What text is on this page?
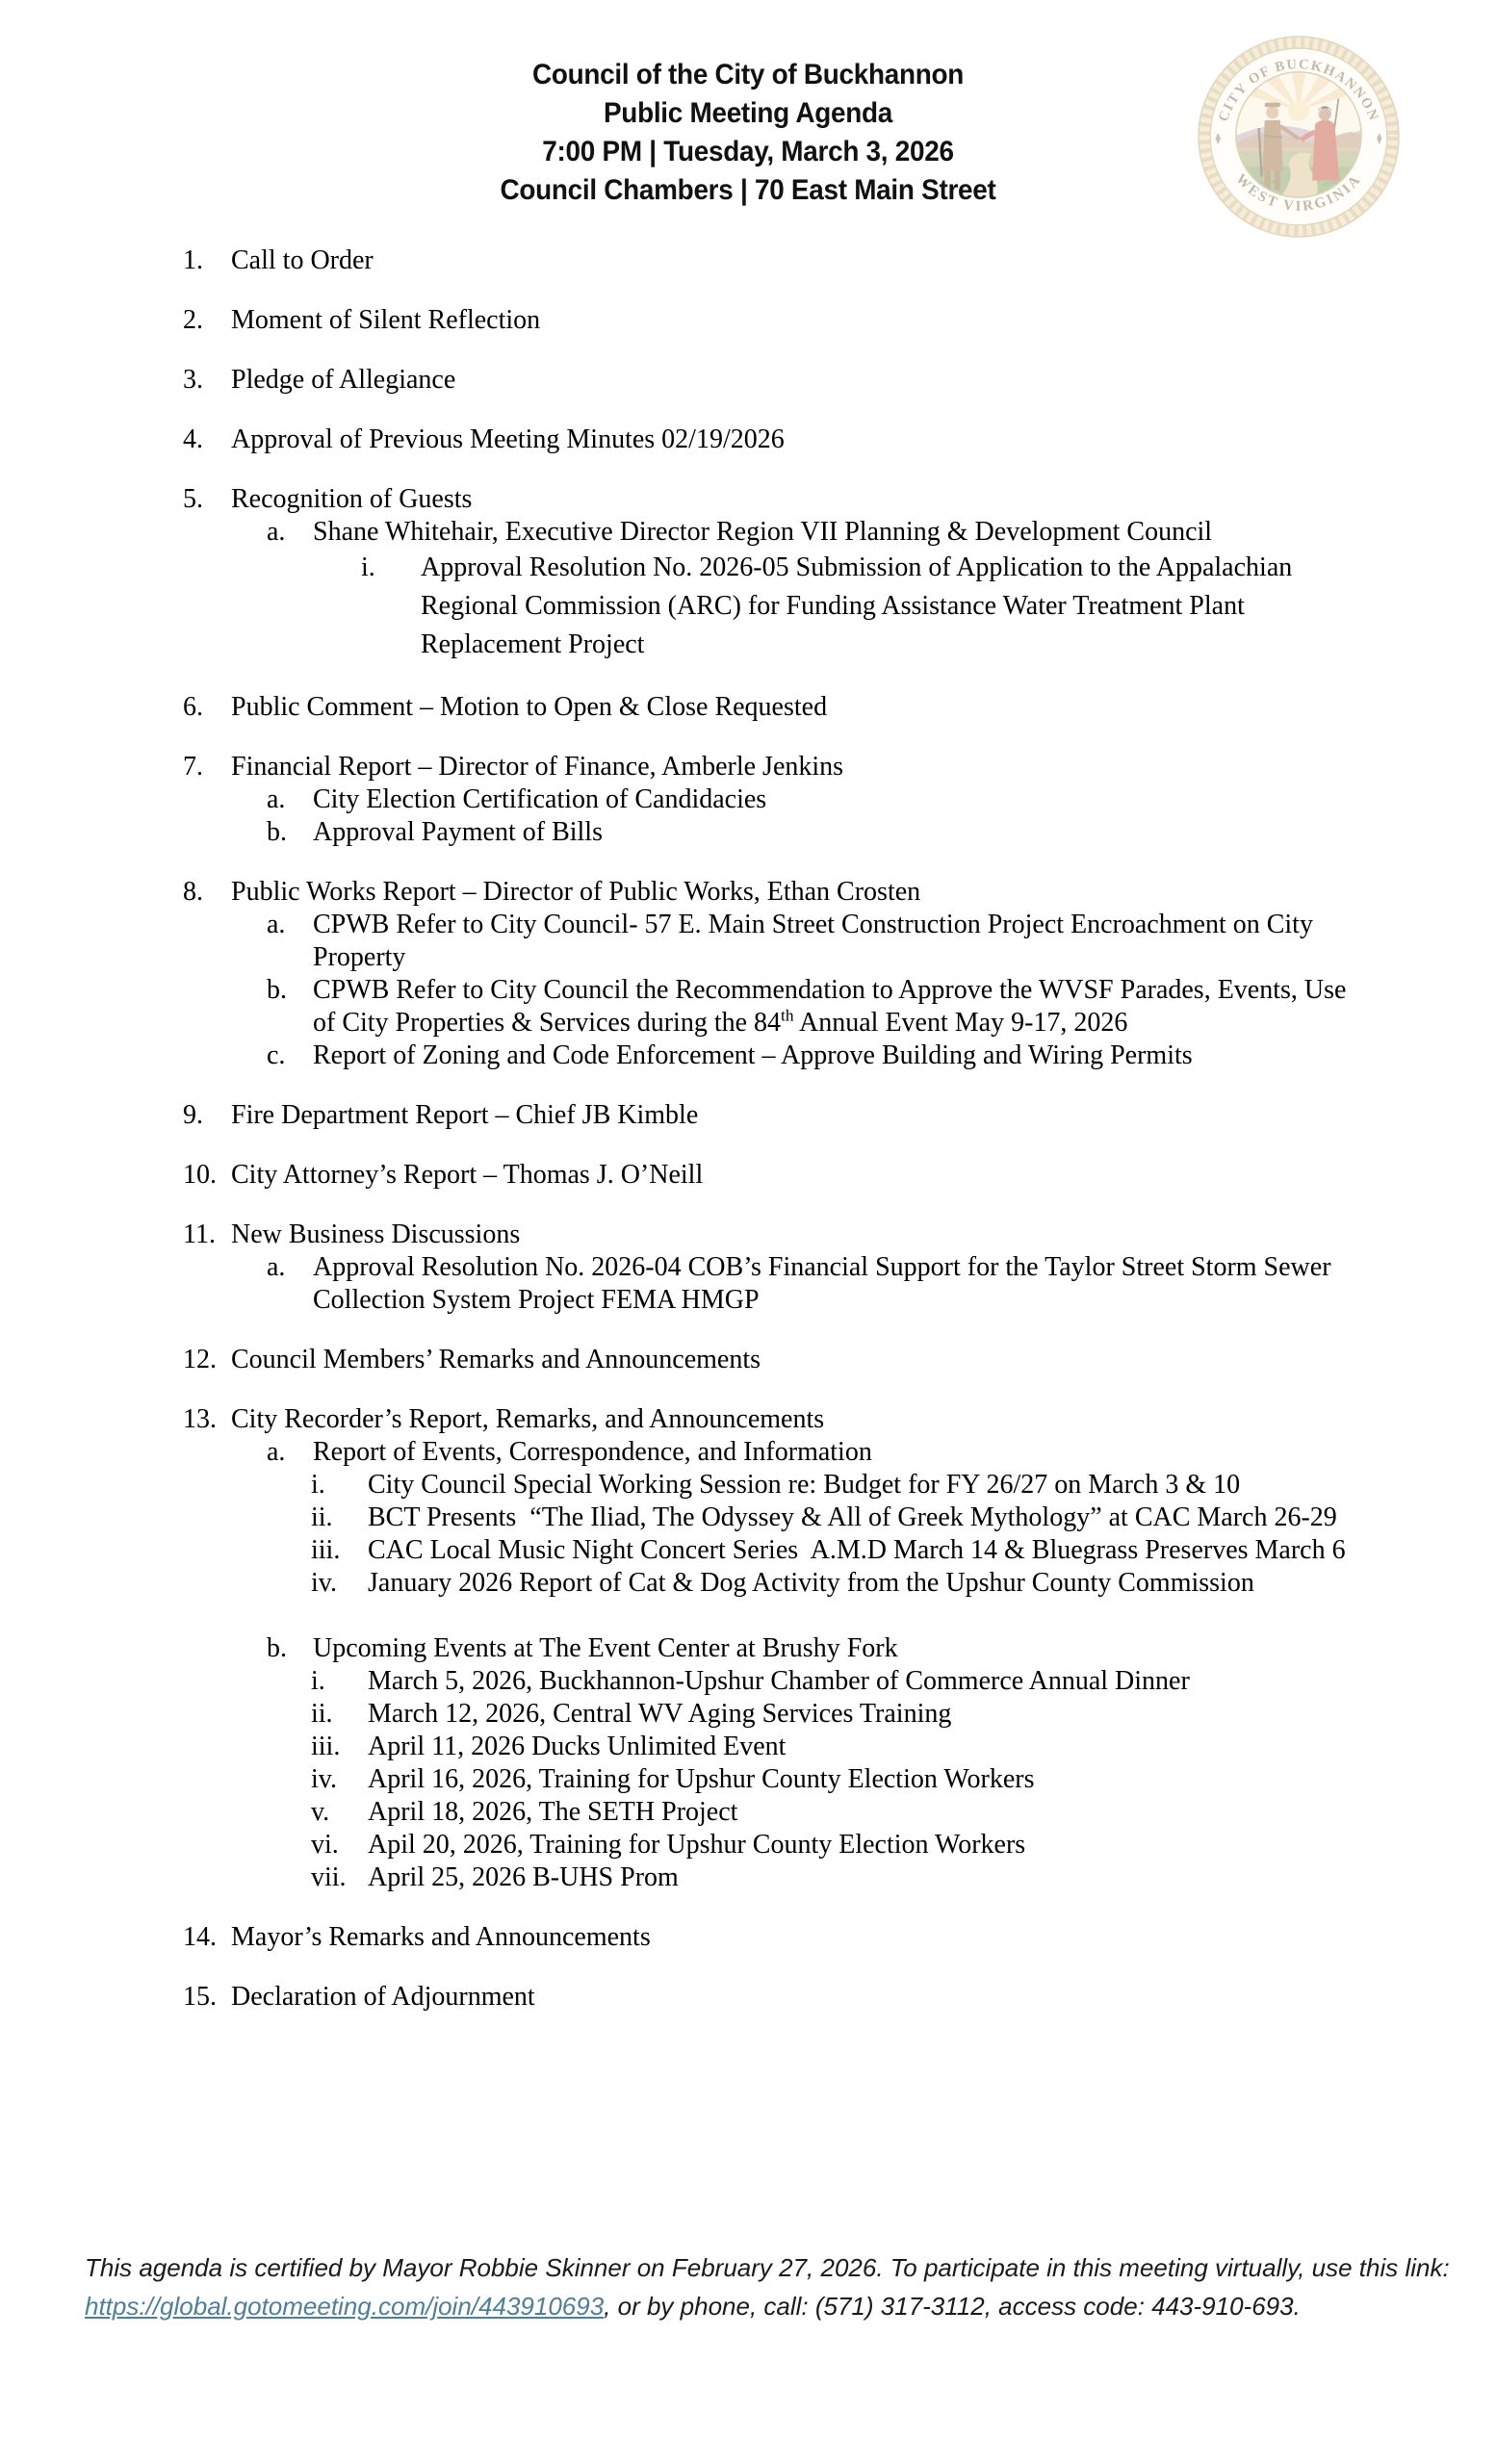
CITY OF BUCKHANNON
WEST VIRGINIA
Council of the City of Buckhannon
Public Meeting Agenda
7:00 PM | Tuesday, March 3, 2026
Council Chambers | 70 East Main Street
1.	Call to Order
2.	Moment of Silent Reflection
3.	Pledge of Allegiance
4.	Approval of Previous Meeting Minutes 02/19/2026
5.	Recognition of Guests
a.	Shane Whitehair, Executive Director Region VII Planning & Development Council
i.	Approval Resolution No. 2026-05 Submission of Application to the Appalachian Regional Commission (ARC) for Funding Assistance Water Treatment Plant Replacement Project
6.	Public Comment – Motion to Open & Close Requested
7.	Financial Report – Director of Finance, Amberle Jenkins
a.	City Election Certification of Candidacies
b. Approval Payment of Bills
8.	Public Works Report – Director of Public Works, Ethan Crosten
a.	CPWB Refer to City Council- 57 E. Main Street Construction Project Encroachment on City Property
b. CPWB Refer to City Council the Recommendation to Approve the WVSF Parades, Events, Use of City Properties & Services during the 84th Annual Event May 9-17, 2026
c.	Report of Zoning and Code Enforcement – Approve Building and Wiring Permits
9.	Fire Department Report – Chief JB Kimble
10. City Attorney’s Report – Thomas J. O’Neill
11. New Business Discussions
a.	Approval Resolution No. 2026-04 COB’s Financial Support for the Taylor Street Storm Sewer Collection System Project FEMA HMGP
12. Council Members’ Remarks and Announcements
13. City Recorder’s Report, Remarks, and Announcements
a.	Report of Events, Correspondence, and Information
i.	City Council Special Working Session re: Budget for FY 26/27 on March 3 & 10
ii.	BCT Presents  “The Iliad, The Odyssey & All of Greek Mythology” at CAC March 26-29
iii.	CAC Local Music Night Concert Series  A.M.D March 14 & Bluegrass Preserves March 6
iv.	January 2026 Report of Cat & Dog Activity from the Upshur County Commission
b. Upcoming Events at The Event Center at Brushy Fork
i.	March 5, 2026, Buckhannon-Upshur Chamber of Commerce Annual Dinner
ii.	March 12, 2026, Central WV Aging Services Training
iii.	April 11, 2026 Ducks Unlimited Event
iv.	April 16, 2026, Training for Upshur County Election Workers
v.	April 18, 2026, The SETH Project
vi.	Apil 20, 2026, Training for Upshur County Election Workers
vii. April 25, 2026 B-UHS Prom
14. Mayor’s Remarks and Announcements
15. Declaration of Adjournment
This agenda is certified by Mayor Robbie Skinner on February 27, 2026. To participate in this meeting virtually, use this link:
https://global.gotomeeting.com/join/443910693, or by phone, call: (571) 317-3112, access code: 443-910-693.
